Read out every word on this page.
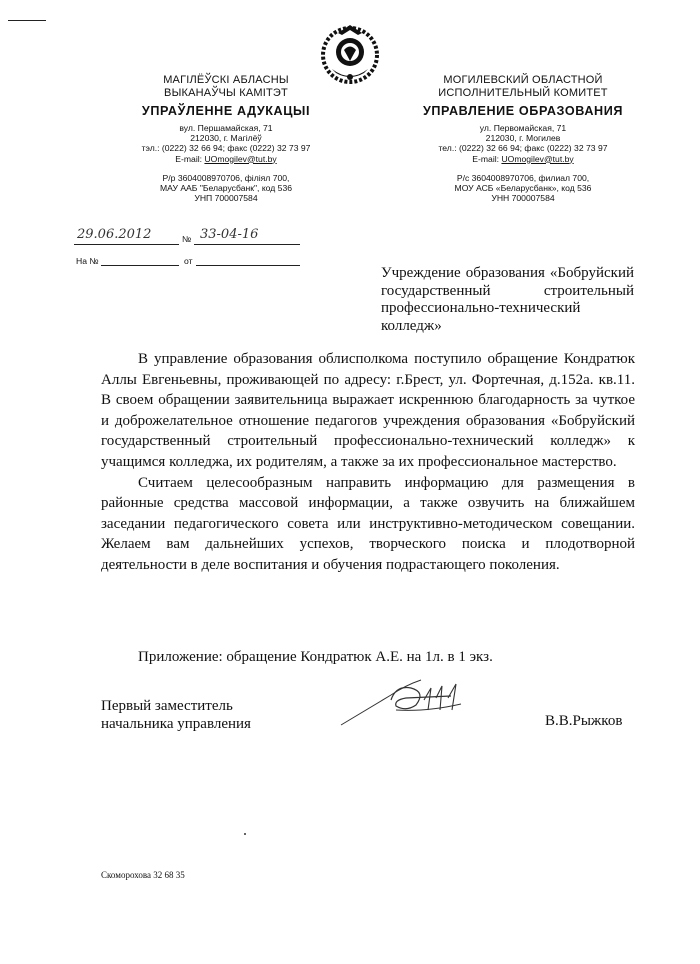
МАГІЛЁЎСКІ АБЛАСНЫ
ВЫКАНАЎЧЫ КАМІТЭТ
УПРАЎЛЕННЕ АДУКАЦЫІ
вул. Першамайская, 71
212030, г. Магілёў
тэл.: (0222) 32 66 94; факс (0222) 32 73 97
E-mail: UOmogilev@tut.by
Р/р 3604008970706, філіял 700,
МАУ ААБ "Беларусбанк", код 536
УНП 700007584
МОГИЛЕВСКИЙ ОБЛАСТНОЙ
ИСПОЛНИТЕЛЬНЫЙ КОМИТЕТ
УПРАВЛЕНИЕ ОБРАЗОВАНИЯ
ул. Первомайская, 71
212030, г. Могилев
тел.: (0222) 32 66 94; факс (0222) 32 73 97
E-mail: UOmogilev@tut.by
Р/с 3604008970706, филиал 700,
МОУ АСБ «Беларусбанк», код 536
УНН 700007584
29.06.2012	№ 33-04-16
На №	от
Учреждение образования «Бобруйский государственный строительный профессионально-технический колледж»

В управление образования облисполкома поступило обращение Кондратюк Аллы Евгеньевны, проживающей по адресу: г.Брест, ул. Фортечная, д.152а. кв.11. В своем обращении заявительница выражает искреннюю благодарность за чуткое и доброжелательное отношение педагогов учреждения образования «Бобруйский государственный строительный профессионально-технический колледж» к учащимся колледжа, их родителям, а также за их профессиональное мастерство.

Считаем целесообразным направить информацию для размещения в районные средства массовой информации, а также озвучить на ближайшем заседании педагогического совета или инструктивно-методическом совещании. Желаем вам дальнейших успехов, творческого поиска и плодотворной деятельности в деле воспитания и обучения подрастающего поколения.

Приложение: обращение Кондратюк А.Е. на 1л. в 1 экз.
Первый заместитель
начальника управления	В.В.Рыжков
Скоморохова 32 68 35
